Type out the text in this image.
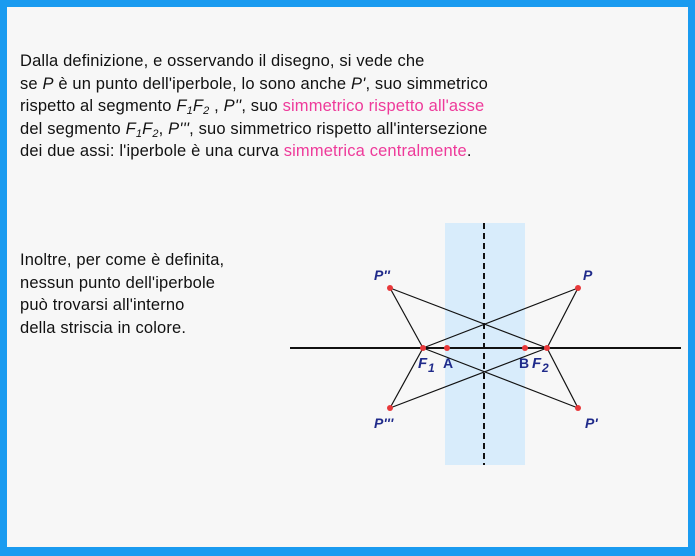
Dalla definizione, e osservando il disegno, si vede che
se P è un punto dell'iperbole, lo sono anche P', suo simmetrico
rispetto al segmento $F_1F_2$ , P'', suo simmetrico rispetto all'asse
del segmento $F_1F_2$, P''', suo simmetrico rispetto all'intersezione
dei due assi: l'iperbole è una curva simmetrica centralmente.
Inoltre, per come è definita,
nessun punto dell'iperbole
può trovarsi all'interno
della striscia in colore.
P''	P
P'''	P'
F 1 A	B F 2
